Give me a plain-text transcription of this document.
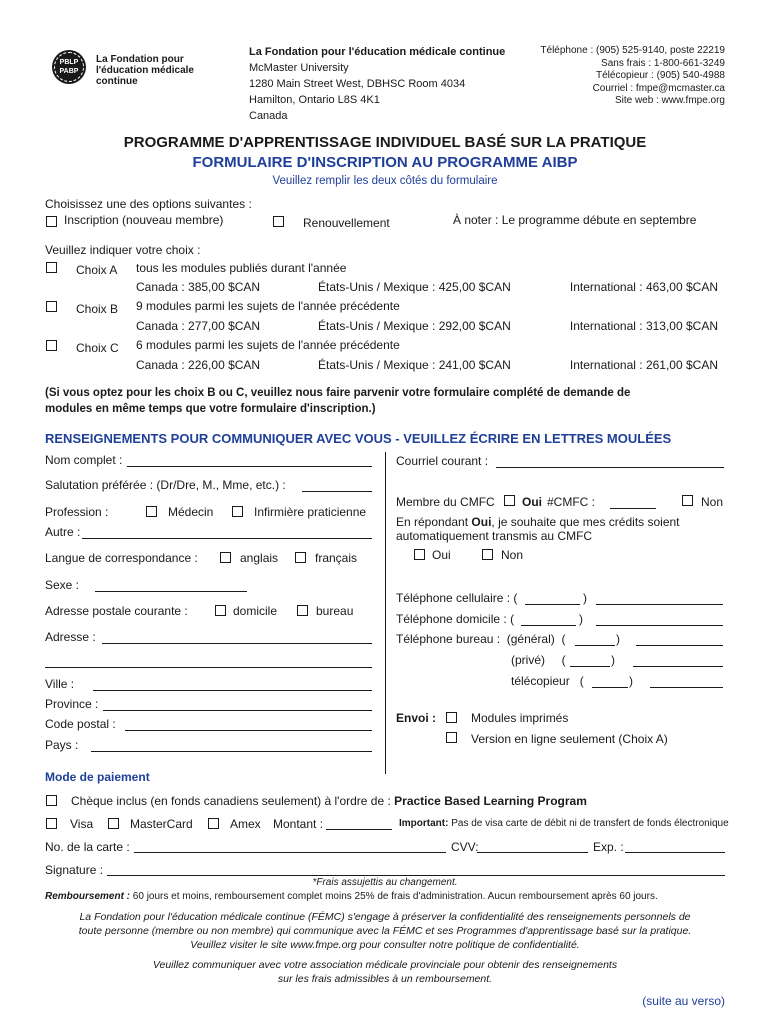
PBLP
PABP
La Fondation pour
l'éducation médicale
continue
La Fondation pour l'éducation médicale continue
McMaster University
1280 Main Street West, DBHSC Room 4034
Hamilton, Ontario L8S 4K1
Canada
Téléphone : (905) 525-9140, poste 22219
Sans frais : 1-800-661-3249
Télécopieur : (905) 540-4988
Courriel : fmpe@mcmaster.ca
Site web : www.fmpe.org
PROGRAMME D'APPRENTISSAGE INDIVIDUEL BASÉ SUR LA PRATIQUE
FORMULAIRE D'INSCRIPTION AU PROGRAMME AIBP
Veuillez remplir les deux côtés du formulaire
Choisissez une des options suivantes :
Inscription (nouveau membre)	Renouvellement	À noter : Le programme débute en septembre
Veuillez indiquer votre choix :
Choix A tous les modules publiés durant l'année
Canada : 385,00 $CAN	États-Unis / Mexique : 425,00 $CAN	International : 463,00 $CAN
Choix B 9 modules parmi les sujets de l'année précédente
Canada : 277,00 $CAN	États-Unis / Mexique : 292,00 $CAN	International : 313,00 $CAN
Choix C 6 modules parmi les sujets de l'année précédente
Canada : 226,00 $CAN	États-Unis / Mexique : 241,00 $CAN	International : 261,00 $CAN
(Si vous optez pour les choix B ou C, veuillez nous faire parvenir votre formulaire complété de demande de
modules en même temps que votre formulaire d'inscription.)
RENSEIGNEMENTS POUR COMMUNIQUER AVEC VOUS - VEUILLEZ ÉCRIRE EN LETTRES MOULÉES
Nom complet :
Salutation préférée : (Dr/Dre, M., Mme, etc.) :
Profession :	Médecin	Infirmière praticienne
Autre :
Langue de correspondance :	anglais	français
Sexe :
Adresse postale courante :	domicile	bureau
Adresse :
Ville :
Province :
Code postal :
Pays :
Courriel courant :
Membre du CMFC Oui #CMFC :	Non
En répondant Oui, je souhaite que mes crédits soient
automatiquement transmis au CMFC
Oui	Non
Téléphone cellulaire : (	)
Téléphone domicile : (	)
Téléphone bureau :  (général)  (	)
(privé)     (	)
télécopieur   (	)
Envoi :	Modules imprimés
Version en ligne seulement (Choix A)
Mode de paiement
Chèque inclus (en fonds canadiens seulement) à l'ordre de : Practice Based Learning Program
Visa	MasterCard	Amex Montant :	Important: Pas de visa carte de débit ni de transfert de fonds électronique
No. de la carte :	CVV:	Exp. :
Signature :
*Frais assujettis au changement.
Remboursement : 60 jours et moins, remboursement complet moins 25% de frais d'administration. Aucun remboursement après 60 jours.
La Fondation pour l'éducation médicale continue (FÉMC) s'engage à préserver la confidentialité des renseignements personnels de
toute personne (membre ou non membre) qui communique avec la FÉMC et ses Programmes d'apprentissage basé sur la pratique.
Veuillez visiter le site www.fmpe.org pour consulter notre politique de confidentialité.
Veuillez communiquer avec votre association médicale provinciale pour obtenir des renseignements
sur les frais admissibles à un remboursement.
(suite au verso)
